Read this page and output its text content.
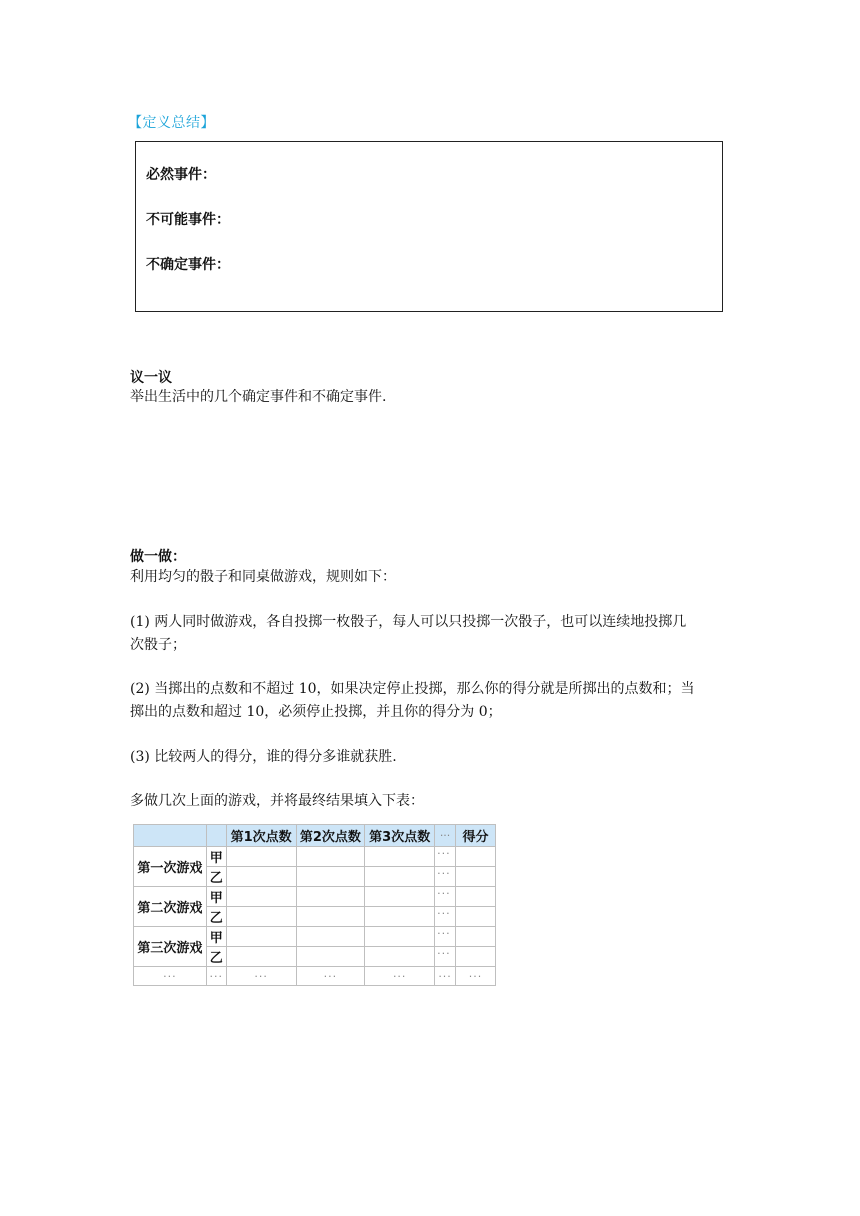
【定义总结】
必然事件：
不可能事件：
不确定事件：
议一议
举出生活中的几个确定事件和不确定事件.
做一做：
利用均匀的骰子和同桌做游戏，规则如下：
(1) 两人同时做游戏，各自投掷一枚骰子，每人可以只投掷一次骰子，也可以连续地投掷几
次骰子；
(2) 当掷出的点数和不超过 10，如果决定停止投掷，那么你的得分就是所掷出的点数和；当
掷出的点数和超过 10，必须停止投掷，并且你的得分为 0；
(3) 比较两人的得分，谁的得分多谁就获胜.
多做几次上面的游戏，并将最终结果填入下表：
		第1次点数	第2次点数	第3次点数	···	得分
第一次游戏	甲				···	
	乙				···	
第二次游戏	甲				···	
	乙				···	
第三次游戏	甲				···	
	乙				···	
···	···	···	···	···	···	···
